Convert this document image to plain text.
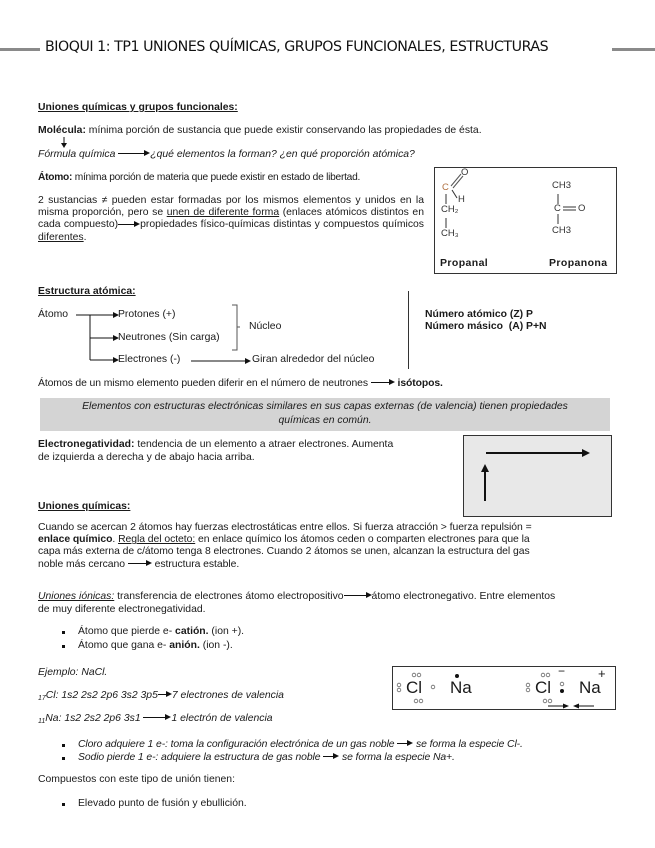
BIOQUI 1: TP1 UNIONES QUÍMICAS, GRUPOS FUNCIONALES, ESTRUCTURAS
Uniones químicas y grupos funcionales:
Molécula: mínima porción de sustancia que puede existir conservando las propiedades de ésta.
Fórmula química	¿qué elementos la forman? ¿en qué proporción atómica?
Átomo: mínima porción de materia que puede existir en estado de libertad.
2 sustancias ≠ pueden estar formadas por los mismos elementos y unidos en la misma proporción, pero se unen de diferente forma (enlaces atómicos distintos en cada compuesto) propiedades físico-químicas distintas y compuestos químicos diferentes.
O
C
H
CH₂
CH₃
CH3
C O
CH3
Propanal	Propanona
Estructura atómica:
Átomo	Protones (+)
Neutrones (Sin carga)
Electrones (-)
Núcleo
Giran alrededor del núcleo
Número atómico (Z) P
Número másico  (A) P+N
Átomos de un mismo elemento pueden diferir en el número de neutrones	isótopos.
Elementos con estructuras electrónicas similares en sus capas externas (de valencia) tienen propiedades
químicas en común.
Electronegatividad: tendencia de un elemento a atraer electrones. Aumenta
de izquierda a derecha y de abajo hacia arriba.
Uniones químicas:
Cuando se acercan 2 átomos hay fuerzas electrostáticas entre ellos. Si fuerza atracción > fuerza repulsión =
enlace químico. Regla del octeto: en enlace químico los átomos ceden o comparten electrones para que la
capa más externa de c/átomo tenga 8 electrones. Cuando 2 átomos se unen, alcanzan la estructura del gas
noble más cercano	estructura estable.
Uniones iónicas: transferencia de electrones átomo electropositivo	átomo electronegativo. Entre elementos
de muy diferente electronegatividad.
Átomo que pierde e- catión. (ion +).
Átomo que gana e- anión. (ion -).
Ejemplo: NaCl.
$_{17}$Cl: 1s2 2s2 2p6 3s2 3p5 7 electrones de valencia
$_{11}$Na: 1s2 2s2 2p6 3s1	1 electrón de valencia
Cl Na	Cl Na
−	+
Cloro adquiere 1 e-: toma la configuración electrónica de un gas noble  se forma la especie Cl-.
Sodio pierde 1 e-: adquiere la estructura de gas noble  se forma la especie Na+.
Compuestos con este tipo de unión tienen:
Elevado punto de fusión y ebullición.
